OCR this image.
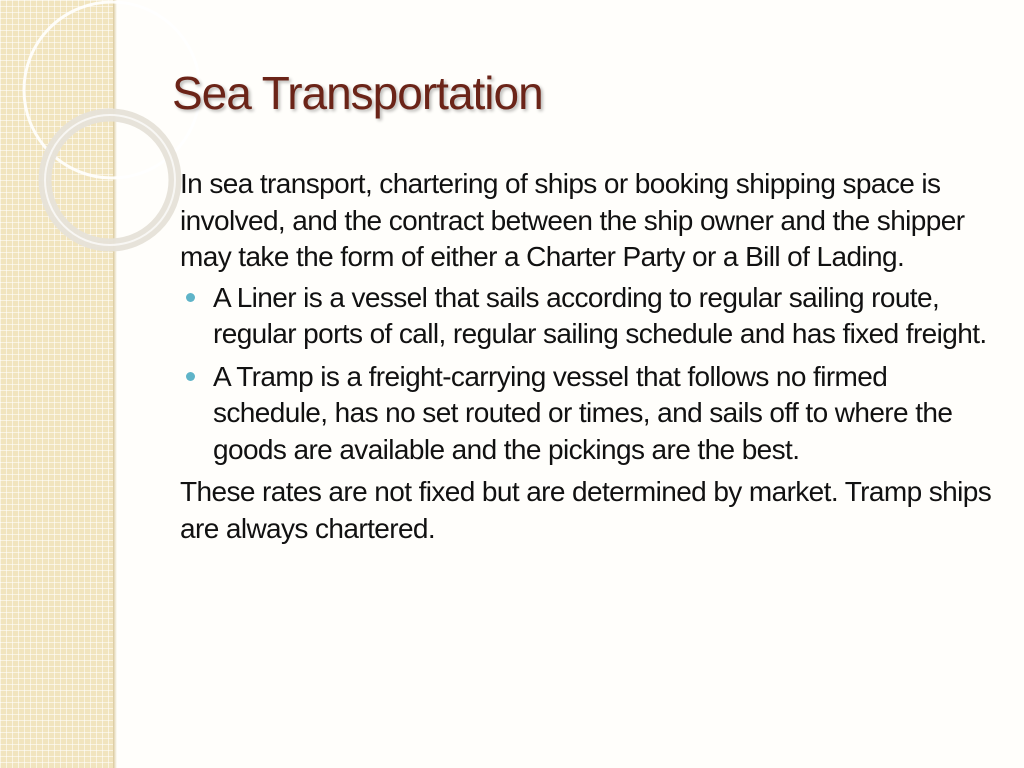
Sea Transportation

In sea transport, chartering of ships or booking shipping space is involved, and the contract between the ship owner and the shipper may take the form of either a Charter Party or a Bill of Lading.

A Liner is a vessel that sails according to regular sailing route, regular ports of call, regular sailing schedule and has fixed freight.
A Tramp is a freight-carrying vessel that follows no firmed schedule, has no set routed or times, and sails off to where the goods are available and the pickings are the best.

These rates are not fixed but are determined by market. Tramp ships are always chartered.
